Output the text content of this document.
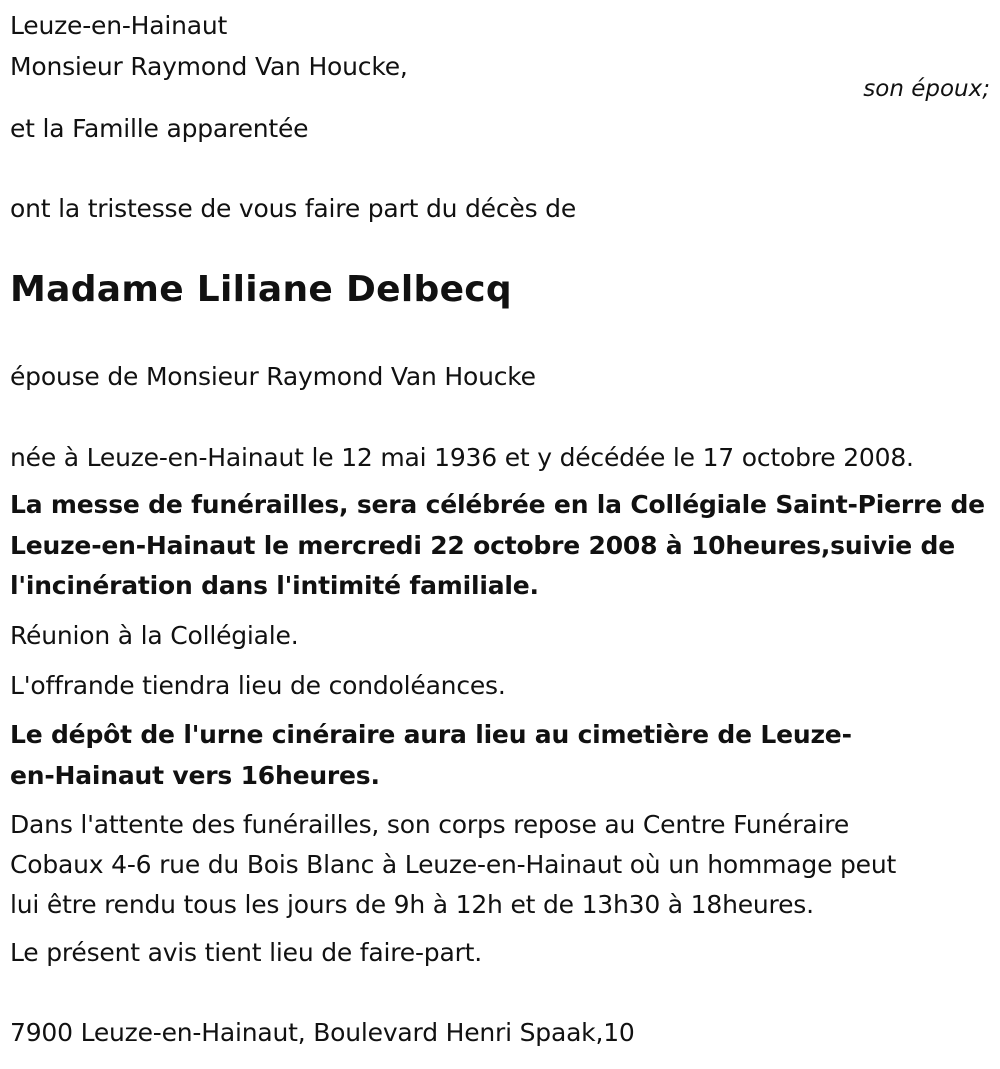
Leuze-en-Hainaut
Monsieur Raymond Van Houcke,
son époux;
et la Famille apparentée
ont la tristesse de vous faire part du décès de
Madame Liliane Delbecq
épouse de Monsieur Raymond Van Houcke
née à Leuze-en-Hainaut le 12 mai 1936 et y décédée le 17 octobre 2008.
La messe de funérailles, sera célébrée en la Collégiale Saint-Pierre de
Leuze-en-Hainaut le mercredi 22 octobre 2008 à 10heures,suivie de
l'incinération dans l'intimité familiale.
Réunion à la Collégiale.
L'offrande tiendra lieu de condoléances.
Le dépôt de l'urne cinéraire aura lieu au cimetière de Leuze-
en-Hainaut vers 16heures.
Dans l'attente des funérailles, son corps repose au Centre Funéraire
Cobaux 4-6 rue du Bois Blanc à Leuze-en-Hainaut où un hommage peut
lui être rendu tous les jours de 9h à 12h et de 13h30 à 18heures.
Le présent avis tient lieu de faire-part.
7900 Leuze-en-Hainaut, Boulevard Henri Spaak,10
